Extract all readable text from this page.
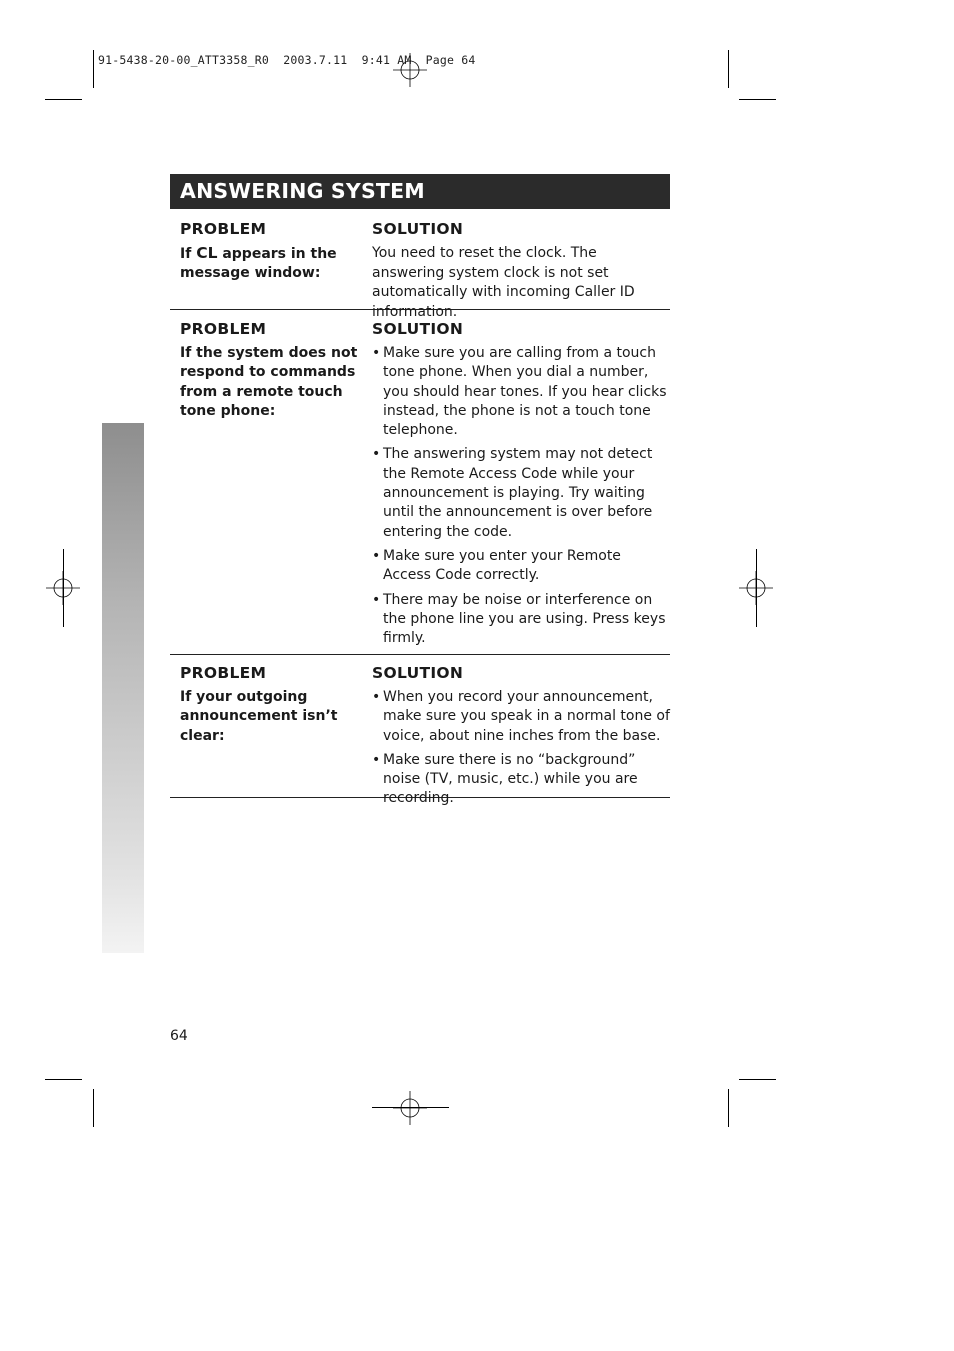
91-5438-20-00_ATT3358_R0  2003.7.11  9:41 AM  Page 64
ANSWERING SYSTEM
PROBLEM
If CL appears in the message window:
SOLUTION
You need to reset the clock. The answering system clock is not set automatically with incoming Caller ID information.
PROBLEM
If the system does not respond to commands from a remote touch tone phone:
SOLUTION
• Make sure you are calling from a touch tone phone. When you dial a number, you should hear tones. If you hear clicks instead, the phone is not a touch tone telephone.
• The answering system may not detect the Remote Access Code while your announcement is playing. Try waiting until the announcement is over before entering the code.
• Make sure you enter your Remote Access Code correctly.
• There may be noise or interference on the phone line you are using. Press keys firmly.
PROBLEM
If your outgoing announcement isn’t clear:
SOLUTION
• When you record your announcement, make sure you speak in a normal tone of voice, about nine inches from the base.
• Make sure there is no “background” noise (TV, music, etc.) while you are recording.
64
